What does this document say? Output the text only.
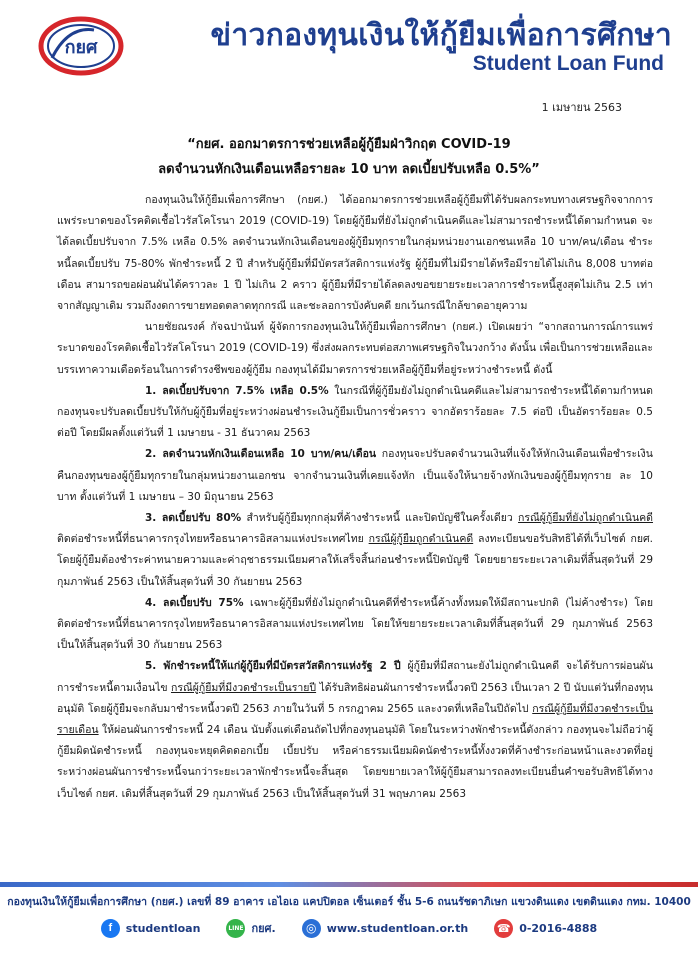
กยศ	ข่าวกองทุนเงินให้กู้ยืมเพื่อการศึกษา
Student Loan Fund
1 เมษายน 2563
“กยศ. ออกมาตรการช่วยเหลือผู้กู้ยืมฝ่าวิกฤต COVID-19
ลดจำนวนหักเงินเดือนเหลือรายละ 10 บาท ลดเบี้ยปรับเหลือ 0.5%”

กองทุนเงินให้กู้ยืมเพื่อการศึกษา (กยศ.) ได้ออกมาตรการช่วยเหลือผู้กู้ยืมที่ได้รับผลกระทบทางเศรษฐกิจจากการแพร่ระบาดของโรคติดเชื้อไวรัสโคโรนา 2019 (COVID-19) โดยผู้กู้ยืมที่ยังไม่ถูกดำเนินคดีและไม่สามารถชำระหนี้ได้ตามกำหนด จะได้ลดเบี้ยปรับจาก 7.5% เหลือ 0.5% ลดจำนวนหักเงินเดือนของผู้กู้ยืมทุกรายในกลุ่มหน่วยงานเอกชนเหลือ 10 บาท/คน/เดือน ชำระหนี้ลดเบี้ยปรับ 75-80% พักชำระหนี้ 2 ปี สำหรับผู้กู้ยืมที่มีบัตรสวัสดิการแห่งรัฐ ผู้กู้ยืมที่ไม่มีรายได้หรือมีรายได้ไม่เกิน 8,008 บาทต่อเดือน สามารถขอผ่อนผันได้คราวละ 1 ปี ไม่เกิน 2 คราว ผู้กู้ยืมที่มีรายได้ลดลงขอขยายระยะเวลาการชำระหนี้สูงสุดไม่เกิน 2.5 เท่าจากสัญญาเดิม รวมถึงงดการขายทอดตลาดทุกกรณี และชะลอการบังคับคดี ยกเว้นกรณีใกล้ขาดอายุความ

นายชัยณรงค์ กัจฉปานันท์ ผู้จัดการกองทุนเงินให้กู้ยืมเพื่อการศึกษา (กยศ.) เปิดเผยว่า “จากสถานการณ์การแพร่ระบาดของโรคติดเชื้อไวรัสโคโรนา 2019 (COVID-19) ซึ่งส่งผลกระทบต่อสภาพเศรษฐกิจในวงกว้าง ดังนั้น เพื่อเป็นการช่วยเหลือและบรรเทาความเดือดร้อนในการดำรงชีพของผู้กู้ยืม กองทุนได้มีมาตรการช่วยเหลือผู้กู้ยืมที่อยู่ระหว่างชำระหนี้ ดังนี้

1. ลดเบี้ยปรับจาก 7.5% เหลือ 0.5% ในกรณีที่ผู้กู้ยืมยังไม่ถูกดำเนินคดีและไม่สามารถชำระหนี้ได้ตามกำหนด กองทุนจะปรับลดเบี้ยปรับให้กับผู้กู้ยืมที่อยู่ระหว่างผ่อนชำระเงินกู้ยืมเป็นการชั่วคราว จากอัตราร้อยละ 7.5 ต่อปี เป็นอัตราร้อยละ 0.5 ต่อปี โดยมีผลตั้งแต่วันที่ 1 เมษายน - 31 ธันวาคม 2563

2. ลดจำนวนหักเงินเดือนเหลือ 10 บาท/คน/เดือน กองทุนจะปรับลดจำนวนเงินที่แจ้งให้หักเงินเดือนเพื่อชำระเงินคืนกองทุนของผู้กู้ยืมทุกรายในกลุ่มหน่วยงานเอกชน จากจำนวนเงินที่เคยแจ้งหัก เป็นแจ้งให้นายจ้างหักเงินของผู้กู้ยืมทุกราย ละ 10 บาท ตั้งแต่วันที่ 1 เมษายน – 30 มิถุนายน 2563

3. ลดเบี้ยปรับ 80% สำหรับผู้กู้ยืมทุกกลุ่มที่ค้างชำระหนี้ และปิดบัญชีในครั้งเดียว กรณีผู้กู้ยืมที่ยังไม่ถูกดำเนินคดี ติดต่อชำระหนี้ที่ธนาคารกรุงไทยหรือธนาคารอิสลามแห่งประเทศไทย กรณีผู้กู้ยืมถูกดำเนินคดี ลงทะเบียนขอรับสิทธิได้ที่เว็บไซต์ กยศ. โดยผู้กู้ยืมต้องชำระค่าทนายความและค่าฤชาธรรมเนียมศาลให้เสร็จสิ้นก่อนชำระหนี้ปิดบัญชี โดยขยายระยะเวลาเดิมที่สิ้นสุดวันที่ 29 กุมภาพันธ์ 2563 เป็นให้สิ้นสุดวันที่ 30 กันยายน 2563

4. ลดเบี้ยปรับ 75% เฉพาะผู้กู้ยืมที่ยังไม่ถูกดำเนินคดีที่ชำระหนี้ค้างทั้งหมดให้มีสถานะปกติ (ไม่ค้างชำระ) โดยติดต่อชำระหนี้ที่ธนาคารกรุงไทยหรือธนาคารอิสลามแห่งประเทศไทย โดยให้ขยายระยะเวลาเดิมที่สิ้นสุดวันที่ 29 กุมภาพันธ์ 2563 เป็นให้สิ้นสุดวันที่ 30 กันยายน 2563

5. พักชำระหนี้ให้แก่ผู้กู้ยืมที่มีบัตรสวัสดิการแห่งรัฐ 2 ปี ผู้กู้ยืมที่มีสถานะยังไม่ถูกดำเนินคดี จะได้รับการผ่อนผันการชำระหนี้ตามเงื่อนไข กรณีผู้กู้ยืมที่มีงวดชำระเป็นรายปี ได้รับสิทธิผ่อนผันการชำระหนี้งวดปี 2563 เป็นเวลา 2 ปี นับแต่วันที่กองทุนอนุมัติ โดยผู้กู้ยืมจะกลับมาชำระหนี้งวดปี 2563 ภายในวันที่ 5 กรกฎาคม 2565 และงวดที่เหลือในปีถัดไป กรณีผู้กู้ยืมที่มีงวดชำระเป็นรายเดือน ให้ผ่อนผันการชำระหนี้ 24 เดือน นับตั้งแต่เดือนถัดไปที่กองทุนอนุมัติ โดยในระหว่างพักชำระหนี้ดังกล่าว กองทุนจะไม่ถือว่าผู้กู้ยืมผิดนัดชำระหนี้ กองทุนจะหยุดคิดดอกเบี้ย เบี้ยปรับ หรือค่าธรรมเนียมผิดนัดชำระหนี้ทั้งงวดที่ค้างชำระก่อนหน้าและงวดที่อยู่ระหว่างผ่อนผันการชำระหนี้จนกว่าระยะเวลาพักชำระหนี้จะสิ้นสุด โดยขยายเวลาให้ผู้กู้ยืมสามารถลงทะเบียนยื่นคำขอรับสิทธิได้ทางเว็บไซต์ กยศ. เดิมที่สิ้นสุดวันที่ 29 กุมภาพันธ์ 2563 เป็นให้สิ้นสุดวันที่ 31 พฤษภาคม 2563

กองทุนเงินให้กู้ยืมเพื่อการศึกษา (กยศ.) เลขที่ 89 อาคาร เอไอเอ แคปปิตอล เซ็นเตอร์ ชั้น 5-6 ถนนรัชดาภิเษก แขวงดินแดง เขตดินแดง กทม. 10400
f	studentloan	LINE กยศ.	◎ www.studentloan.or.th	☎ 0-2016-4888
